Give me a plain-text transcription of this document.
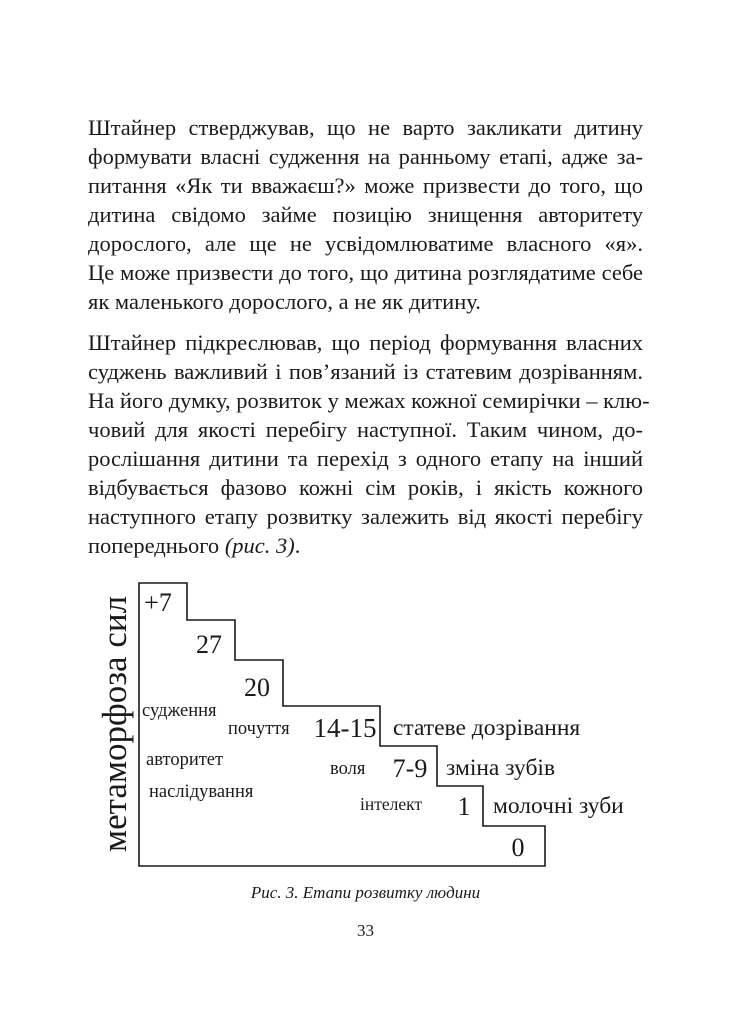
Штайнер стверджував, що не варто закликати дитину
формувати власні судження на ранньому етапі, адже за-
питання «Як ти вважаєш?» може призвести до того, що
дитина свідомо займе позицію знищення авторитету
дорослого, але ще не усвідомлюватиме власного «я».
Це може призвести до того, що дитина розглядатиме себе
як маленького дорослого, а не як дитину.

Штайнер підкреслював, що період формування власних
суджень важливий і пов’язаний із статевим дозріванням.
На його думку, розвиток у межах кожної семирічки – клю-
човий для якості перебігу наступної. Таким чином, до-
рослішання дитини та перехід з одного етапу на інший
відбувається фазово кожні сім років, і якість кожного
наступного етапу розвитку залежить від якості перебігу
попереднього (рис. 3).

метаморфоза сил +7
27
20
14-15
7-9
1
0
статеве дозрівання
зміна зубів
молочні зуби
судження
почуття
авторитет	воля
наслідування
інтелект

Рис. 3. Етапи розвитку людини

33
